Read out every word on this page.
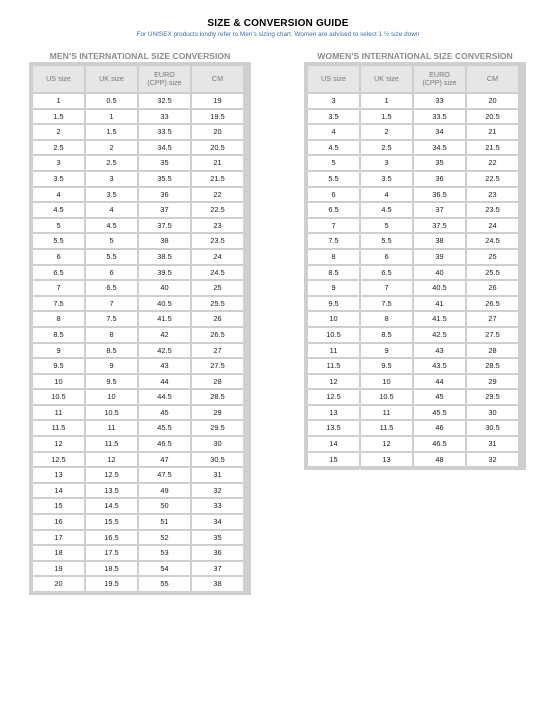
SIZE & CONVERSION GUIDE
For UNISEX products kindly refer to Men’s sizing chart. Women are advised to select 1 ½ size down
MEN’S INTERNATIONAL SIZE CONVERSION
US size	UK size	EURO (CPP) size	CM
1	0.5	32.5	19
1.5	1	33	19.5
2	1.5	33.5	20
2.5	2	34.5	20.5
3	2.5	35	21
3.5	3	35.5	21.5
4	3.5	36	22
4.5	4	37	22.5
5	4.5	37.5	23
5.5	5	38	23.5
6	5.5	38.5	24
6.5	6	39.5	24.5
7	6.5	40	25
7.5	7	40.5	25.5
8	7.5	41.5	26
8.5	8	42	26.5
9	8.5	42.5	27
9.5	9	43	27.5
10	9.5	44	28
10.5	10	44.5	28.5
11	10.5	45	29
11.5	11	45.5	29.5
12	11.5	46.5	30
12.5	12	47	30.5
13	12.5	47.5	31
14	13.5	49	32
15	14.5	50	33
16	15.5	51	34
17	16.5	52	35
18	17.5	53	36
19	18.5	54	37
20	19.5	55	38
WOMEN’S INTERNATIONAL SIZE CONVERSION
US size	UK size	EURO (CPP) size	CM
3	1	33	20
3.5	1.5	33.5	20.5
4	2	34	21
4.5	2.5	34.5	21.5
5	3	35	22
5.5	3.5	36	22.5
6	4	36.5	23
6.5	4.5	37	23.5
7	5	37.5	24
7.5	5.5	38	24.5
8	6	39	25
8.5	6.5	40	25.5
9	7	40.5	26
9.5	7.5	41	26.5
10	8	41.5	27
10.5	8.5	42.5	27.5
11	9	43	28
11.5	9.5	43.5	28.5
12	10	44	29
12.5	10.5	45	29.5
13	11	45.5	30
13.5	11.5	46	30.5
14	12	46.5	31
15	13	48	32
